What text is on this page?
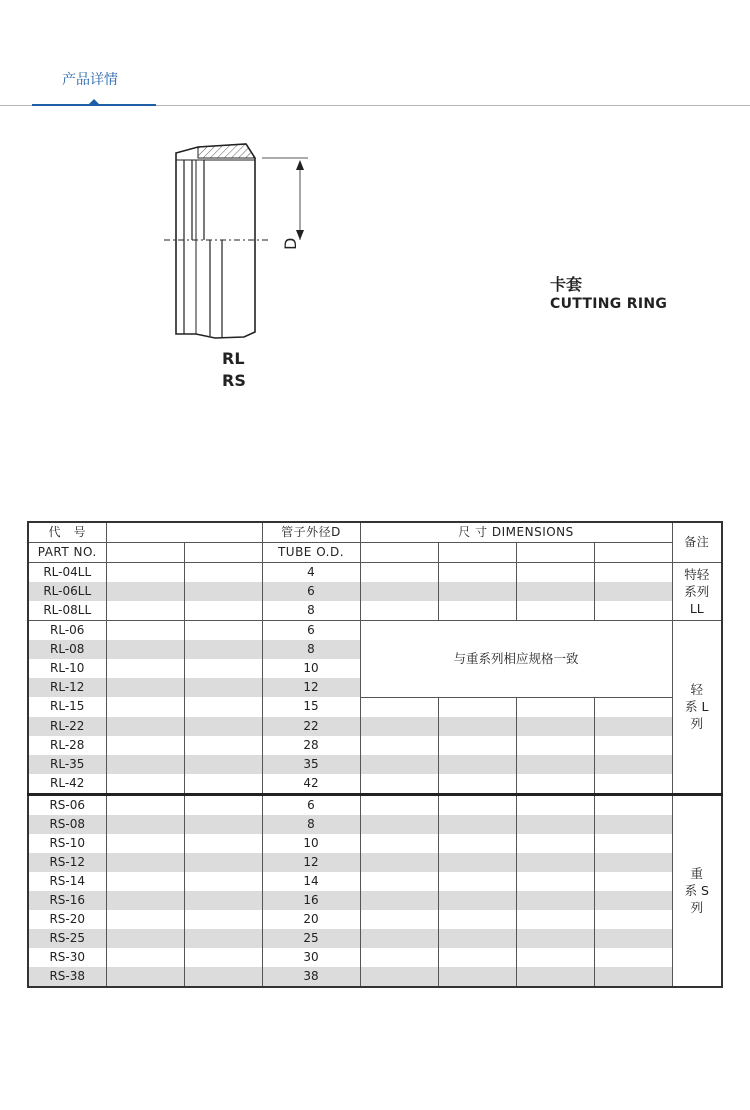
产品详情
D
RL
RS
卡套
CUTTING RING
代　号			管子外径D	尺 寸 DIMENSIONS				备注
PART NO.			TUBE O.D.					
RL-04LL			4					特轻
系列
LL

RL-06LL			6					
RL-08LL			8					
RL-06			6	与重系列相应规格一致				轻
系 L
列

RL-08			8					
RL-10			10					
RL-12			12					
RL-15			15					
RL-22			22					
RL-28			28					
RL-35			35					
RL-42			42					
RS-06			6					重
系 S
列

RS-08			8					
RS-10			10					
RS-12			12					
RS-14			14					
RS-16			16					
RS-20			20					
RS-25			25					
RS-30			30					
RS-38			38					
